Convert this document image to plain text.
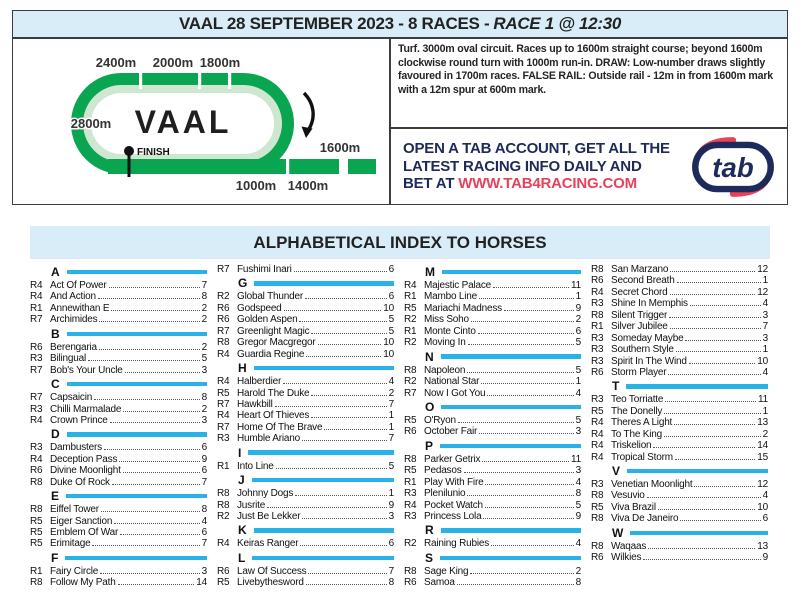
VAAL 28 SEPTEMBER 2023 - 8 RACES - RACE 1 @ 12:30
2400m 2000m 1800m
2800m
1600m
1000m 1400m
VAAL
FINISH
Turf. 3000m oval circuit. Races up to 1600m straight course; beyond 1600m clockwise round turn with 1000m run-in. DRAW: Low-number draws slightly favoured in 1700m races. FALSE RAIL: Outside rail - 12m in from 1600m mark with a 12m spur at 600m mark.
OPEN A TAB ACCOUNT, GET ALL THE
LATEST RACING INFO DAILY AND
BET AT WWW.TAB4RACING.COM
tab
ALPHABETICAL INDEX TO HORSES
A
R4 Act Of Power	7
R4 And Action	8
R1 Annewithan E	2
R7 Archimides	2
B
R6 Berengaria	2
R3 Bilingual	5
R7 Bob's Your Uncle	3
C
R7 Capsaicin	8
R3 Chilli Marmalade	2
R4 Crown Prince	3
D
R3 Dambusters	6
R4 Deception Pass	9
R6 Divine Moonlight	6
R8 Duke Of Rock	7
E
R8 Eiffel Tower	8
R5 Eiger Sanction	4
R5 Emblem Of War	6
R5 Erimitage	7
F
R1 Fairy Circle	3
R8 Follow My Path	14
R7 Fushimi Inari	6
G
R2 Global Thunder	6
R6 Godspeed	10
R6 Golden Aspen	5
R7 Greenlight Magic	5
R8 Gregor Macgregor	10
R4 Guardia Regine	10
H
R4 Halberdier	4
R5 Harold The Duke	2
R7 Hawkbill	7
R4 Heart Of Thieves	1
R7 Home Of The Brave	1
R3 Humble Ariano	7
I
R1 Into Line	5
J
R8 Johnny Dogs	1
R8 Jusrite	9
R2 Just Be Lekker	3
K
R4 Keiras Ranger	6
L
R6 Law Of Success	7
R5 Livebythesword	8
M
R4 Majestic Palace	11
R1 Mambo Line	1
R5 Mariachi Madness	9
R2 Miss Soho	2
R1 Monte Cinto	6
R2 Moving In	5
N
R8 Napoleon	5
R2 National Star	1
R7 Now I Got You	4
O
R5 O'Ryon	5
R6 October Fair	3
P
R8 Parker Getrix	11
R5 Pedasos	3
R1 Play With Fire	4
R3 Plenilunio	8
R4 Pocket Watch	5
R3 Princess Lola	9
R
R2 Raining Rubies	4
S
R8 Sage King	2
R6 Samoa	8
R8 San Marzano	12
R6 Second Breath	1
R4 Secret Chord	12
R3 Shine In Memphis	4
R8 Silent Trigger	3
R1 Silver Jubilee	7
R3 Someday Maybe	3
R3 Southern Style	1
R3 Spirit In The Wind	10
R6 Storm Player	4
T
R3 Teo Torriatte	11
R5 The Donelly	1
R4 Theres A Light	13
R4 To The King	2
R4 Triskelion	14
R4 Tropical Storm	15
V
R3 Venetian Moonlight	12
R8 Vesuvio	4
R5 Viva Brazil	10
R8 Viva De Janeiro	6
W
R8 Waqaas	13
R6 Wilkies	9
